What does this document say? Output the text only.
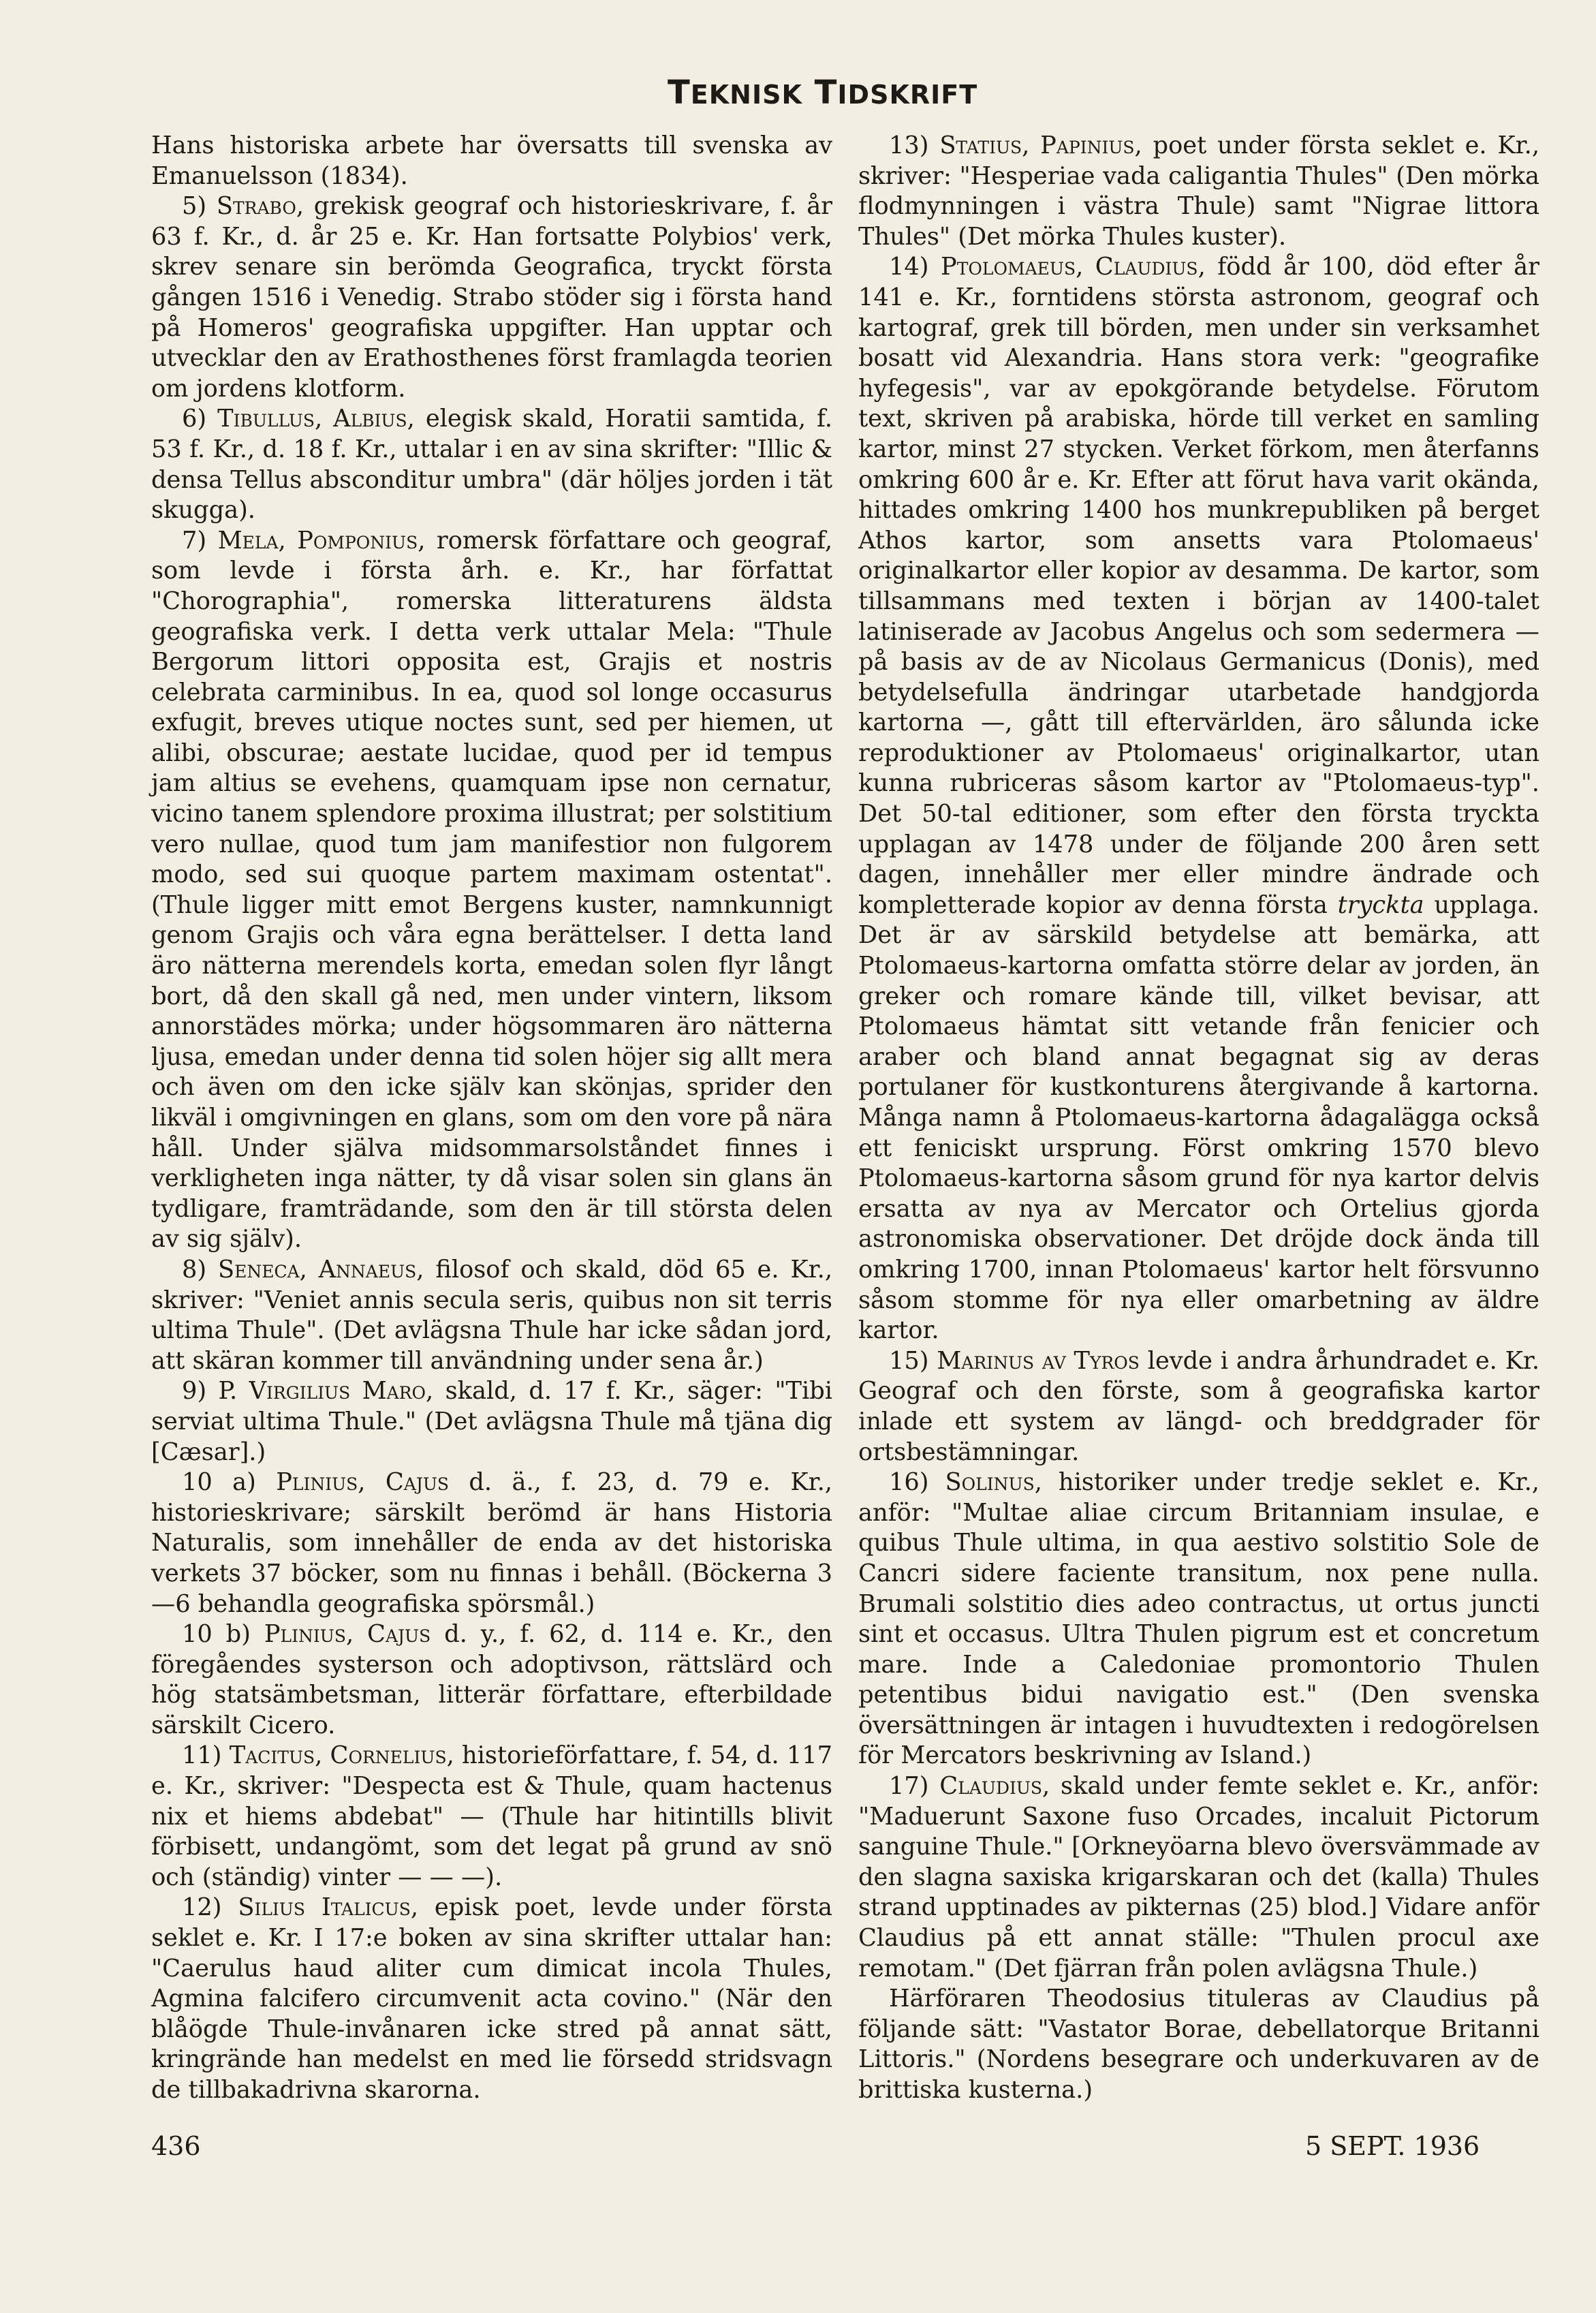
TEKNISK TIDSKRIFT

Hans historiska arbete har översatts till svenska av Emanuelsson (1834).

5) Strabo, grekisk geograf och historieskrivare, f. år 63 f. Kr., d. år 25 e. Kr. Han fortsatte Polybios' verk, skrev senare sin berömda Geografica, tryckt första gången 1516 i Venedig. Strabo stöder sig i första hand på Homeros' geografiska uppgifter. Han upptar och utvecklar den av Erathosthenes först framlagda teorien om jordens klotform.

6) Tibullus, Albius, elegisk skald, Horatii samtida, f. 53 f. Kr., d. 18 f. Kr., uttalar i en av sina skrifter: "Illic & densa Tellus absconditur umbra" (där höljes jorden i tät skugga).

7) Mela, Pomponius, romersk författare och geograf, som levde i första årh. e. Kr., har författat "Chorographia", romerska litteraturens äldsta geografiska verk. I detta verk uttalar Mela: "Thule Bergorum littori opposita est, Grajis et nostris celebrata carminibus. In ea, quod sol longe occasurus exfugit, breves utique noctes sunt, sed per hiemen, ut alibi, obscurae; aestate lucidae, quod per id tempus jam altius se evehens, quamquam ipse non cernatur, vicino tanem splendore proxima illustrat; per solstitium vero nullae, quod tum jam manifestior non fulgorem modo, sed sui quoque partem maximam ostentat". (Thule ligger mitt emot Bergens kuster, namnkunnigt genom Grajis och våra egna berättelser. I detta land äro nätterna merendels korta, emedan solen flyr långt bort, då den skall gå ned, men under vintern, liksom annorstädes mörka; under högsommaren äro nätterna ljusa, emedan under denna tid solen höjer sig allt mera och även om den icke själv kan skönjas, sprider den likväl i omgivningen en glans, som om den vore på nära håll. Under själva midsommarsolståndet finnes i verkligheten inga nätter, ty då visar solen sin glans än tydligare, framträdande, som den är till största delen av sig själv).

8) Seneca, Annaeus, filosof och skald, död 65 e. Kr., skriver: "Veniet annis secula seris, quibus non sit terris ultima Thule". (Det avlägsna Thule har icke sådan jord, att skäran kommer till användning under sena år.)

9) P. Virgilius Maro, skald, d. 17 f. Kr., säger: "Tibi serviat ultima Thule." (Det avlägsna Thule må tjäna dig [Cæsar].)

10 a) Plinius, Cajus d. ä., f. 23, d. 79 e. Kr., historieskrivare; särskilt berömd är hans Historia Naturalis, som innehåller de enda av det historiska verkets 37 böcker, som nu finnas i behåll. (Böckerna 3—6 behandla geografiska spörsmål.)

10 b) Plinius, Cajus d. y., f. 62, d. 114 e. Kr., den föregåendes systerson och adoptivson, rättslärd och hög statsämbetsman, litterär författare, efterbildade särskilt Cicero.

11) Tacitus, Cornelius, historieförfattare, f. 54, d. 117 e. Kr., skriver: "Despecta est & Thule, quam hactenus nix et hiems abdebat" — (Thule har hitintills blivit förbisett, undangömt, som det legat på grund av snö och (ständig) vinter — — —).

12) Silius Italicus, episk poet, levde under första seklet e. Kr. I 17:e boken av sina skrifter uttalar han: "Caerulus haud aliter cum dimicat incola Thules, Agmina falcifero circumvenit acta covino." (När den blåögde Thule-invånaren icke stred på annat sätt, kringrände han medelst en med lie försedd stridsvagn de tillbakadrivna skarorna.

13) Statius, Papinius, poet under första seklet e. Kr., skriver: "Hesperiae vada caligantia Thules" (Den mörka flodmynningen i västra Thule) samt "Nigrae littora Thules" (Det mörka Thules kuster).

14) Ptolomaeus, Claudius, född år 100, död efter år 141 e. Kr., forntidens största astronom, geograf och kartograf, grek till börden, men under sin verksamhet bosatt vid Alexandria. Hans stora verk: "geografike hyfegesis", var av epokgörande betydelse. Förutom text, skriven på arabiska, hörde till verket en samling kartor, minst 27 stycken. Verket förkom, men återfanns omkring 600 år e. Kr. Efter att förut hava varit okända, hittades omkring 1400 hos munkrepubliken på berget Athos kartor, som ansetts vara Ptolomaeus' originalkartor eller kopior av desamma. De kartor, som tillsammans med texten i början av 1400-talet latiniserade av Jacobus Angelus och som sedermera — på basis av de av Nicolaus Germanicus (Donis), med betydelsefulla ändringar utarbetade handgjorda kartorna —, gått till eftervärlden, äro sålunda icke reproduktioner av Ptolomaeus' originalkartor, utan kunna rubriceras såsom kartor av "Ptolomaeus-typ". Det 50-tal editioner, som efter den första tryckta upplagan av 1478 under de följande 200 åren sett dagen, innehåller mer eller mindre ändrade och kompletterade kopior av denna första tryckta upplaga. Det är av särskild betydelse att bemärka, att Ptolomaeus-kartorna omfatta större delar av jorden, än greker och romare kände till, vilket bevisar, att Ptolomaeus hämtat sitt vetande från fenicier och araber och bland annat begagnat sig av deras portulaner för kustkonturens återgivande å kartorna. Många namn å Ptolomaeus-kartorna ådagalägga också ett feniciskt ursprung. Först omkring 1570 blevo Ptolomaeus-kartorna såsom grund för nya kartor delvis ersatta av nya av Mercator och Ortelius gjorda astronomiska observationer. Det dröjde dock ända till omkring 1700, innan Ptolomaeus' kartor helt försvunno såsom stomme för nya eller omarbetning av äldre kartor.

15) Marinus av Tyros levde i andra århundradet e. Kr. Geograf och den förste, som å geografiska kartor inlade ett system av längd- och breddgrader för ortsbestämningar.

16) Solinus, historiker under tredje seklet e. Kr., anför: "Multae aliae circum Britanniam insulae, e quibus Thule ultima, in qua aestivo solstitio Sole de Cancri sidere faciente transitum, nox pene nulla. Brumali solstitio dies adeo contractus, ut ortus juncti sint et occasus. Ultra Thulen pigrum est et concretum mare. Inde a Caledoniae promontorio Thulen petentibus bidui navigatio est." (Den svenska översättningen är intagen i huvudtexten i redogörelsen för Mercators beskrivning av Island.)

17) Claudius, skald under femte seklet e. Kr., anför: "Maduerunt Saxone fuso Orcades, incaluit Pictorum sanguine Thule." [Orkneyöarna blevo översvämmade av den slagna saxiska krigarskaran och det (kalla) Thules strand upptinades av pikternas (25) blod.] Vidare anför Claudius på ett annat ställe: "Thulen procul axe remotam." (Det fjärran från polen avlägsna Thule.)

Härföraren Theodosius tituleras av Claudius på följande sätt: "Vastator Borae, debellatorque Britanni Littoris." (Nordens besegrare och underkuvaren av de brittiska kusterna.)

436	5 SEPT. 1936
